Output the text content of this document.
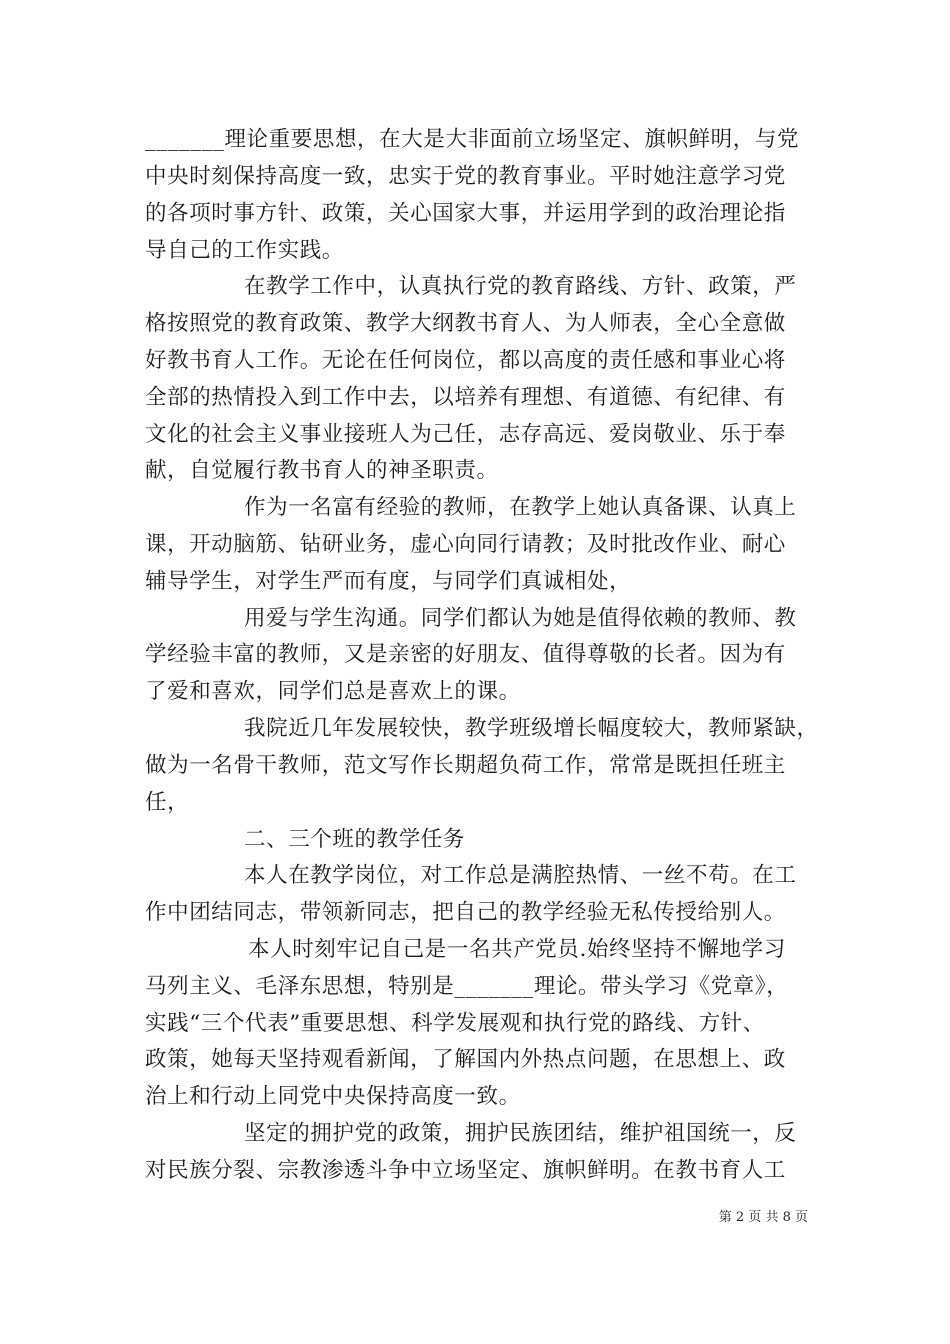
_______理论重要思想，在大是大非面前立场坚定、旗帜鲜明，与党
中央时刻保持高度一致，忠实于党的教育事业。平时她注意学习党
的各项时事方针、政策，关心国家大事，并运用学到的政治理论指
导自己的工作实践。
在教学工作中，认真执行党的教育路线、方针、政策，严
格按照党的教育政策、教学大纲教书育人、为人师表，全心全意做
好教书育人工作。无论在任何岗位，都以高度的责任感和事业心将
全部的热情投入到工作中去，以培养有理想、有道德、有纪律、有
文化的社会主义事业接班人为己任，志存高远、爱岗敬业、乐于奉
献，自觉履行教书育人的神圣职责。
作为一名富有经验的教师，在教学上她认真备课、认真上
课，开动脑筋、钻研业务，虚心向同行请教；及时批改作业、耐心
辅导学生，对学生严而有度，与同学们真诚相处，
用爱与学生沟通。同学们都认为她是值得依赖的教师、教
学经验丰富的教师，又是亲密的好朋友、值得尊敬的长者。因为有
了爱和喜欢，同学们总是喜欢上的课。
我院近几年发展较快，教学班级增长幅度较大，教师紧缺，
做为一名骨干教师，范文写作长期超负荷工作，常常是既担任班主
任，
二、三个班的教学任务
本人在教学岗位，对工作总是满腔热情、一丝不苟。在工
作中团结同志，带领新同志，把自己的教学经验无私传授给别人。
本人时刻牢记自己是一名共产党员.始终坚持不懈地学习
马列主义、毛泽东思想，特别是_______理论。带头学习《党章》，
实践“三个代表”重要思想、科学发展观和执行党的路线、方针、
政策，她每天坚持观看新闻，了解国内外热点问题，在思想上、政
治上和行动上同党中央保持高度一致。
坚定的拥护党的政策，拥护民族团结，维护祖国统一，反
对民族分裂、宗教渗透斗争中立场坚定、旗帜鲜明。在教书育人工
第 2 页 共 8 页
